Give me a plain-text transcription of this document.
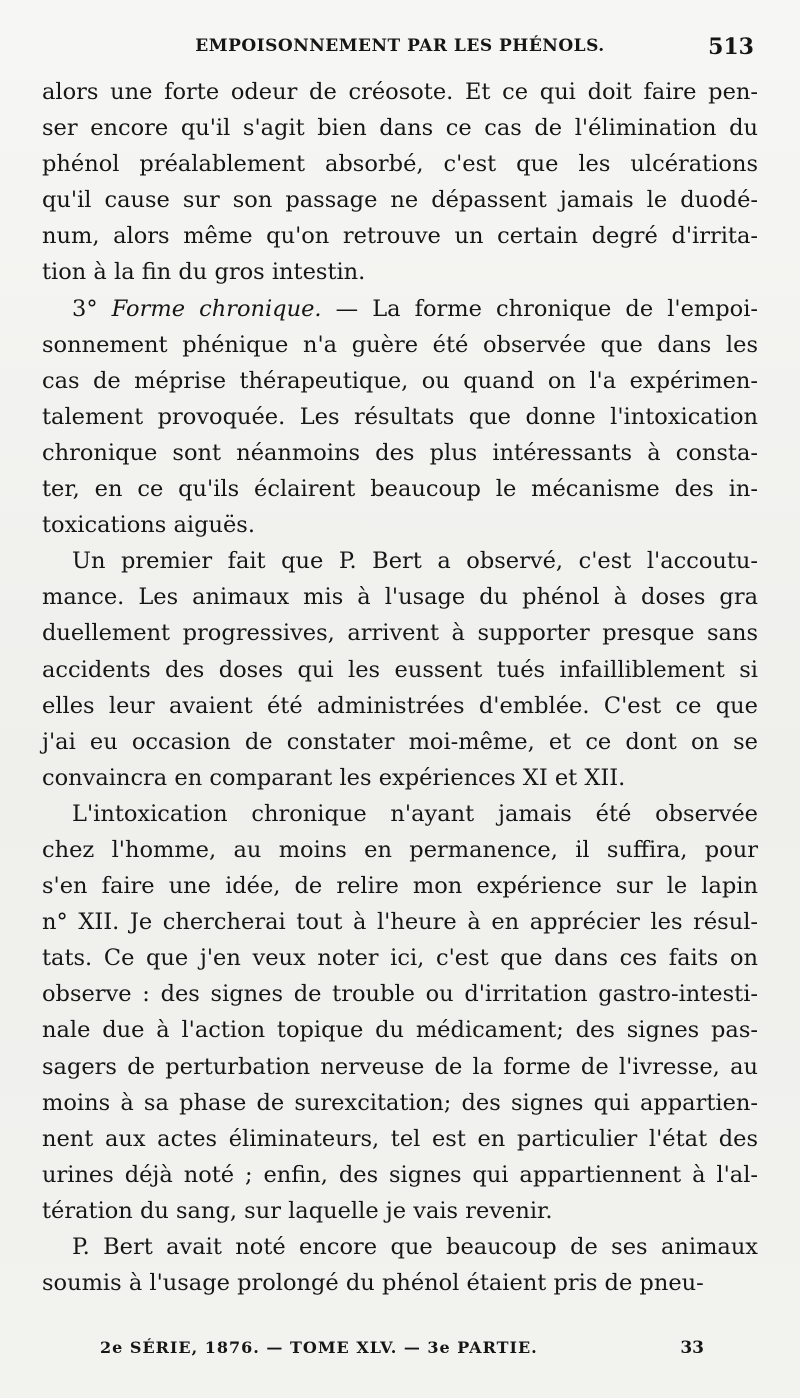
EMPOISONNEMENT PAR LES PHÉNOLS.	513
alors une forte odeur de créosote. Et ce qui doit faire pen-
ser encore qu'il s'agit bien dans ce cas de l'élimination du
phénol préalablement absorbé, c'est que les ulcérations
qu'il cause sur son passage ne dépassent jamais le duodé-
num, alors même qu'on retrouve un certain degré d'irrita-
tion à la fin du gros intestin.
3° Forme chronique. — La forme chronique de l'empoi-
sonnement phénique n'a guère été observée que dans les
cas de méprise thérapeutique, ou quand on l'a expérimen-
talement provoquée. Les résultats que donne l'intoxication
chronique sont néanmoins des plus intéressants à consta-
ter, en ce qu'ils éclairent beaucoup le mécanisme des in-
toxications aiguës.
Un premier fait que P. Bert a observé, c'est l'accoutu-
mance. Les animaux mis à l'usage du phénol à doses gra
duellement progressives, arrivent à supporter presque sans
accidents des doses qui les eussent tués infailliblement si
elles leur avaient été administrées d'emblée. C'est ce que
j'ai eu occasion de constater moi-même, et ce dont on se
convaincra en comparant les expériences XI et XII.
L'intoxication chronique n'ayant jamais été observée
chez l'homme, au moins en permanence, il suffira, pour
s'en faire une idée, de relire mon expérience sur le lapin
n° XII. Je chercherai tout à l'heure à en apprécier les résul-
tats. Ce que j'en veux noter ici, c'est que dans ces faits on
observe : des signes de trouble ou d'irritation gastro-intesti-
nale due à l'action topique du médicament; des signes pas-
sagers de perturbation nerveuse de la forme de l'ivresse, au
moins à sa phase de surexcitation; des signes qui appartien-
nent aux actes éliminateurs, tel est en particulier l'état des
urines déjà noté ; enfin, des signes qui appartiennent à l'al-
tération du sang, sur laquelle je vais revenir.
P. Bert avait noté encore que beaucoup de ses animaux
soumis à l'usage prolongé du phénol étaient pris de pneu-
2e SÉRIE, 1876. — TOME XLV. — 3e PARTIE.	33
